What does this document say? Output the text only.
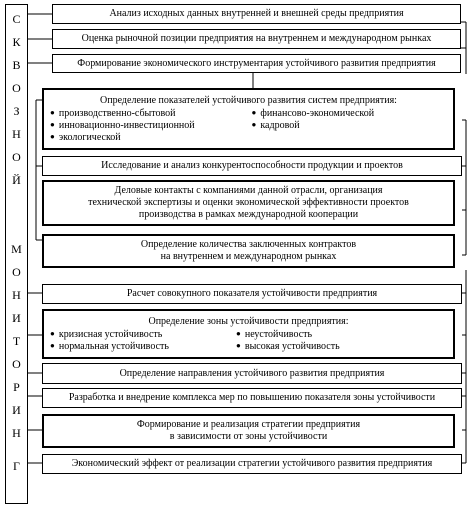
С
К
В
О
З
Н
О
Й
М
О
Н
И
Т
О
Р
И
Н
Г
Анализ исходных данных внутренней и внешней среды предприятия
Оценка рыночной позиции предприятия на внутреннем и международном рынках
Формирование экономического инструментария устойчивого развития предприятия
Определение показателей устойчивого развития систем предприятия:
● производственно-сбытовой	● финансово-экономической
● инновационно-инвестиционной	● кадровой
● экологической
Исследование и анализ конкурентоспособности продукции и проектов
Деловые контакты с компаниями данной отрасли, организация
технической экспертизы и оценки экономической эффективности проектов
производства в рамках международной кооперации
Определение количества заключенных контрактов
на внутреннем и международном рынках
Расчет совокупного показателя устойчивости предприятия
Определение зоны устойчивости предприятия:
● кризисная устойчивость	● неустойчивость
● нормальная устойчивость	● высокая устойчивость
Определение направления устойчивого развития предприятия
Разработка и внедрение комплекса мер по повышению показателя зоны устойчивости
Формирование и реализация стратегии предприятия
в зависимости от зоны устойчивости
Экономический эффект от реализации стратегии устойчивого развития предприятия
